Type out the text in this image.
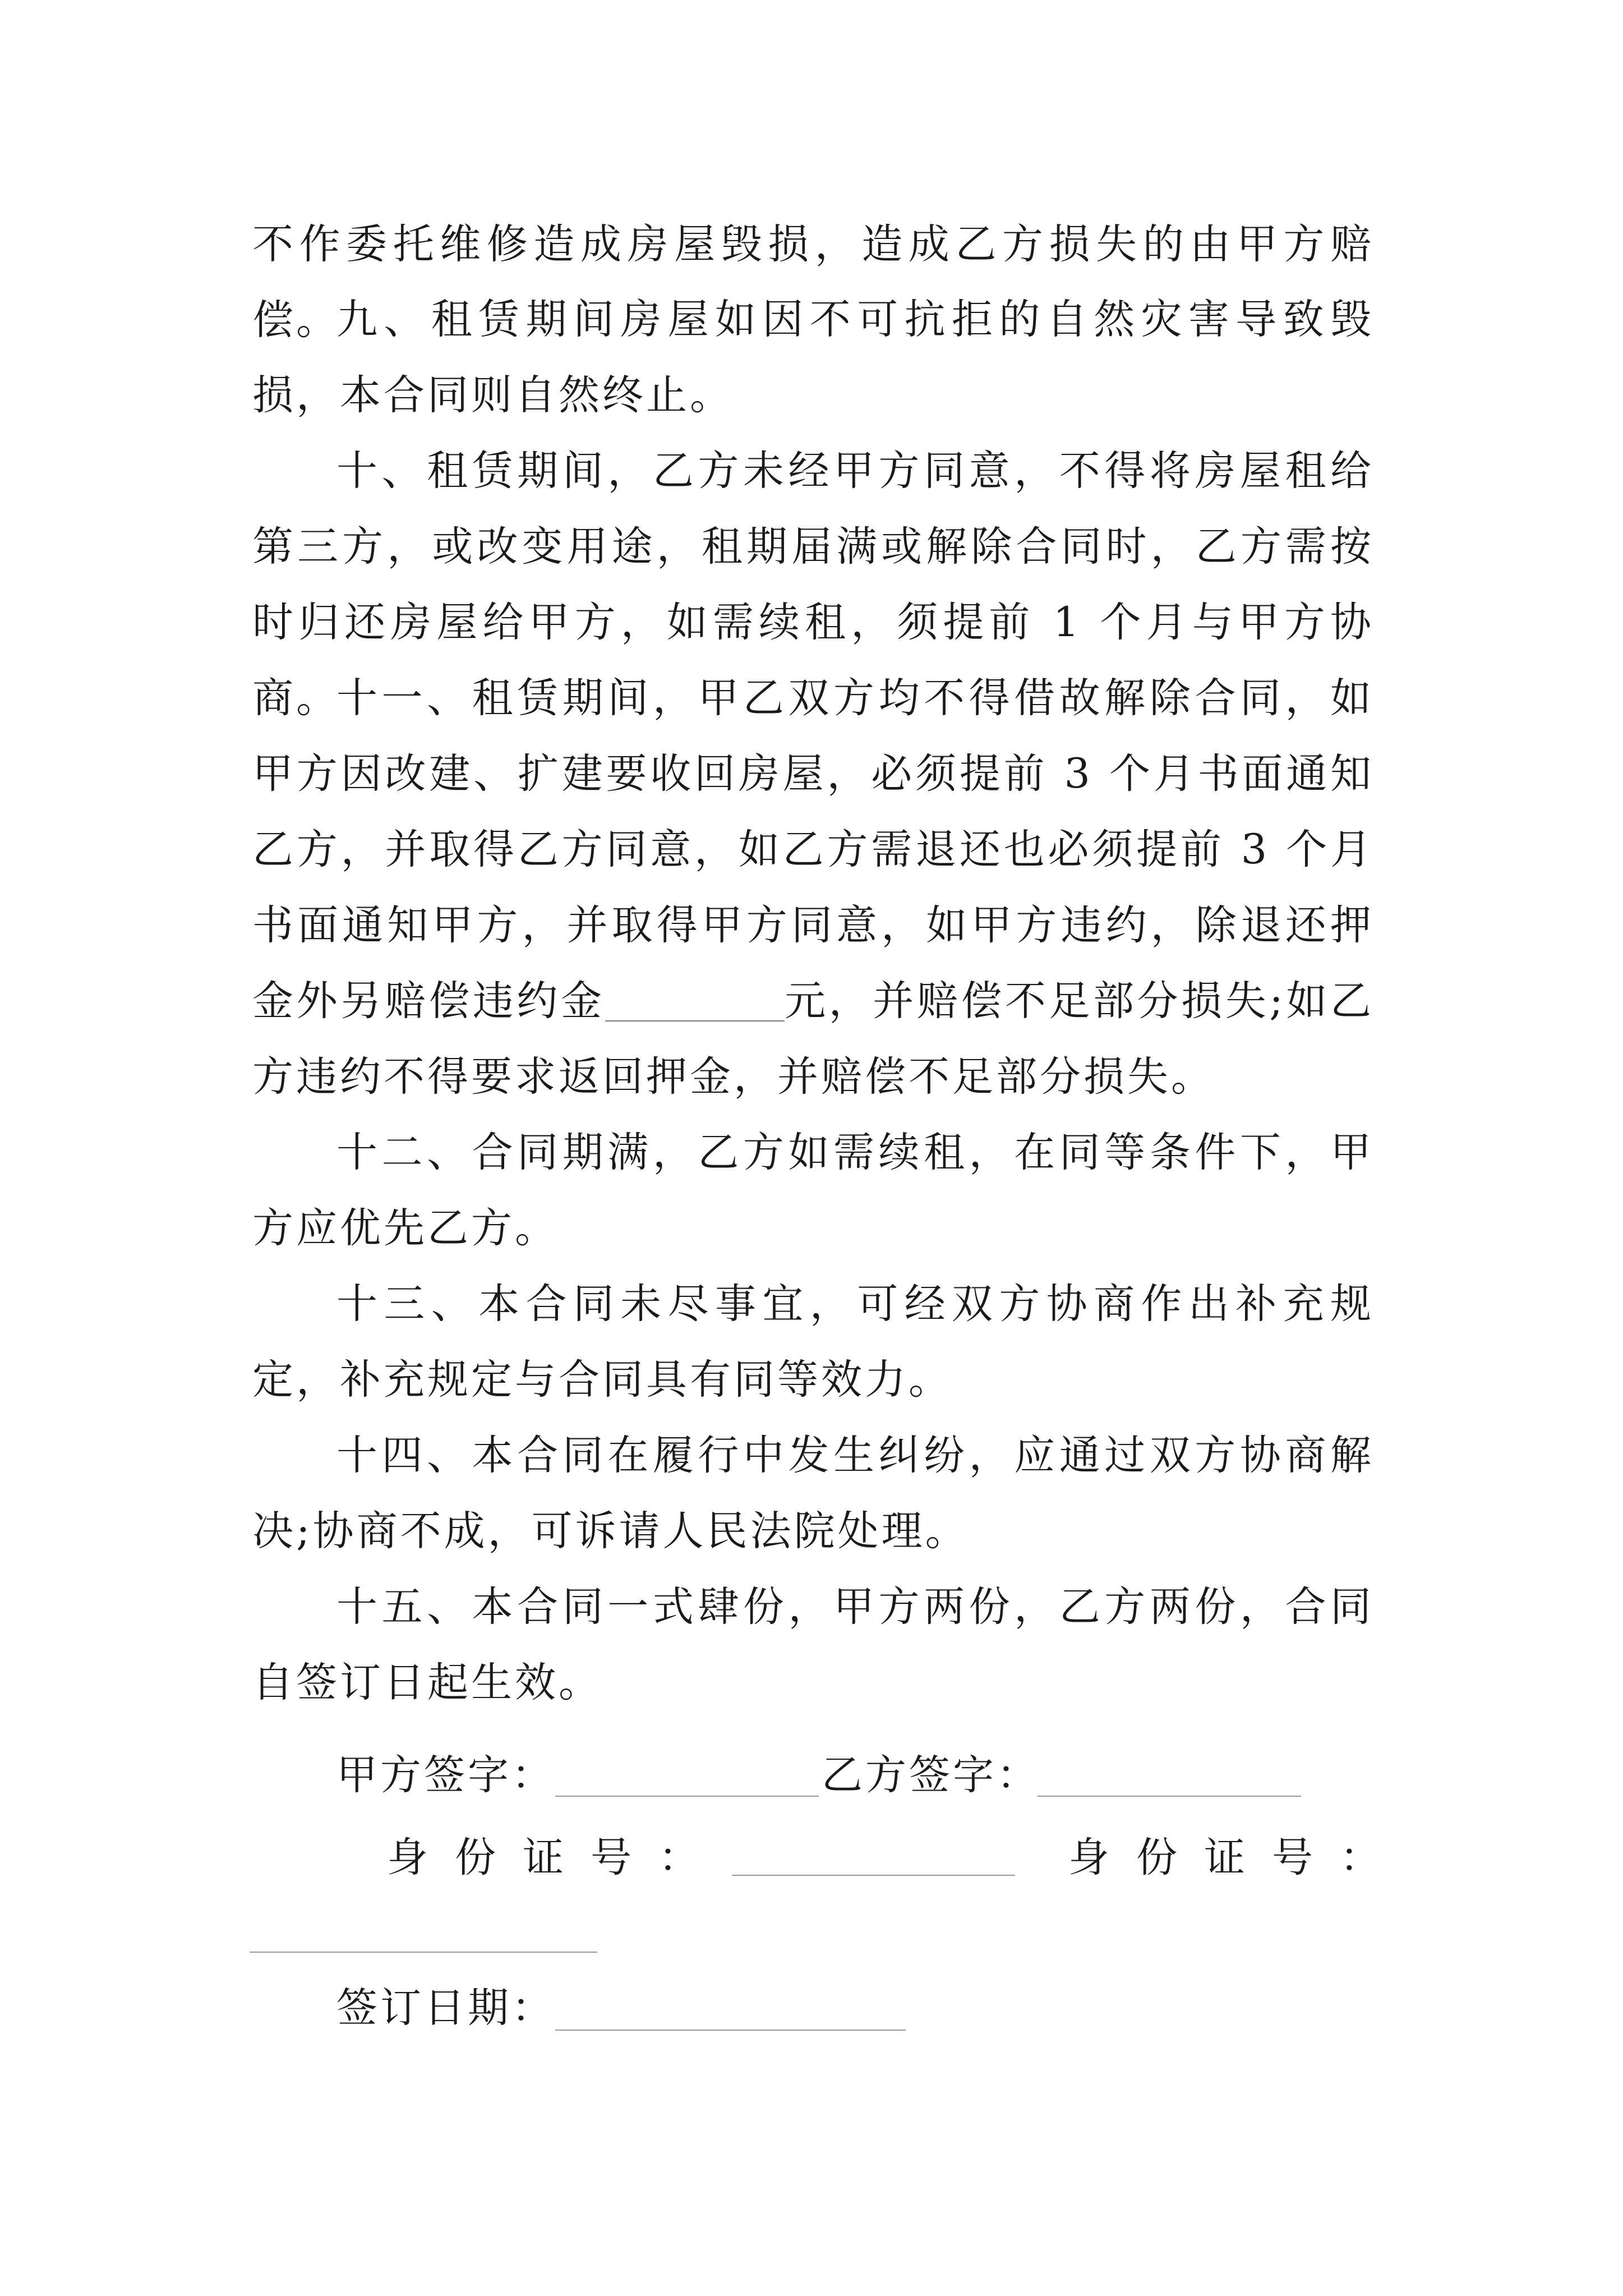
不作委托维修造成房屋毁损，造成乙方损失的由甲方赔偿。

九、租赁期间房屋如因不可抗拒的自然灾害导致毁损，本合同则自然终止。

十、租赁期间，乙方未经甲方同意，不得将房屋租给第三方，或改变用途，租期届满或解除合同时，乙方需按时归还房屋给甲方，如需续租，须提前 1 个月与甲方协商。

十一、租赁期间，甲乙双方均不得借故解除合同，如甲方因改建、扩建要收回房屋，必须提前 3 个月书面通知乙方，并取得乙方同意，如乙方需退还也必须提前 3 个月书面通知甲方，并取得甲方同意，如甲方违约，除退还押金外另赔偿违约金	元，并赔偿不足部分损失;如乙方违约不得要求返回押金，并赔偿不足部分损失。

十二、合同期满，乙方如需续租，在同等条件下，甲方应优先乙方。

十三、本合同未尽事宜，可经双方协商作出补充规定，补充规定与合同具有同等效力。

十四、本合同在履行中发生纠纷，应通过双方协商解决;协商不成，可诉请人民法院处理。

十五、本合同一式肆份，甲方两份，乙方两份，合同自签订日起生效。

甲方签字：	乙方签字：
身份证号：	身份证号：
签订日期：
